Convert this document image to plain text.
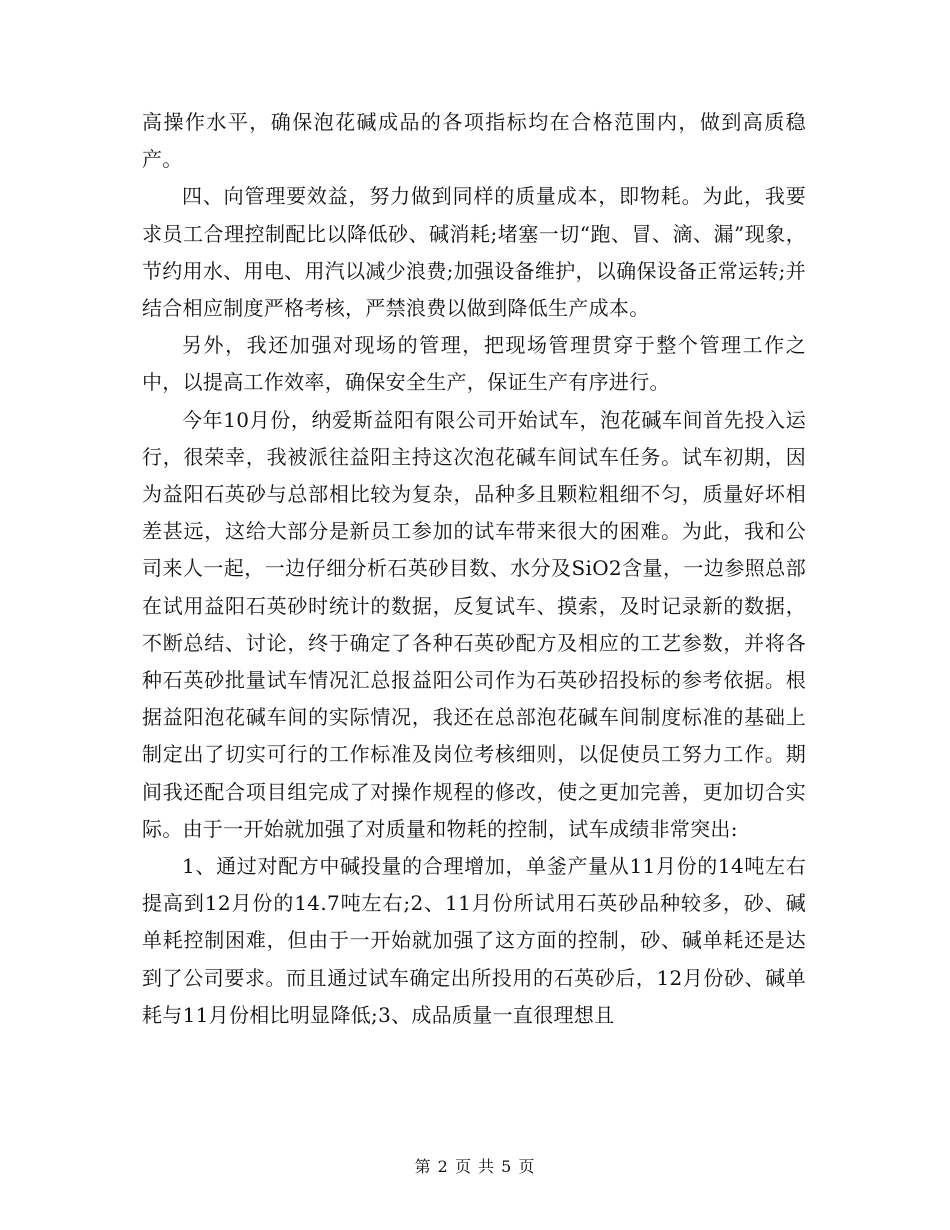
高操作水平，确保泡花碱成品的各项指标均在合格范围内，做到高质稳产。

四、向管理要效益，努力做到同样的质量成本，即物耗。为此，我要求员工合理控制配比以降低砂、碱消耗;堵塞一切“跑、冒、滴、漏”现象，节约用水、用电、用汽以减少浪费;加强设备维护，以确保设备正常运转;并结合相应制度严格考核，严禁浪费以做到降低生产成本。

另外，我还加强对现场的管理，把现场管理贯穿于整个管理工作之中，以提高工作效率，确保安全生产，保证生产有序进行。

今年10月份，纳爱斯益阳有限公司开始试车，泡花碱车间首先投入运行，很荣幸，我被派往益阳主持这次泡花碱车间试车任务。试车初期，因为益阳石英砂与总部相比较为复杂，品种多且颗粒粗细不匀，质量好坏相差甚远，这给大部分是新员工参加的试车带来很大的困难。为此，我和公司来人一起，一边仔细分析石英砂目数、水分及SiO2含量，一边参照总部在试用益阳石英砂时统计的数据，反复试车、摸索，及时记录新的数据，不断总结、讨论，终于确定了各种石英砂配方及相应的工艺参数，并将各种石英砂批量试车情况汇总报益阳公司作为石英砂招投标的参考依据。根据益阳泡花碱车间的实际情况，我还在总部泡花碱车间制度标准的基础上制定出了切实可行的工作标准及岗位考核细则，以促使员工努力工作。期间我还配合项目组完成了对操作规程的修改，使之更加完善，更加切合实际。由于一开始就加强了对质量和物耗的控制，试车成绩非常突出:

1、通过对配方中碱投量的合理增加，单釜产量从11月份的14吨左右提高到12月份的14.7吨左右;2、11月份所试用石英砂品种较多，砂、碱单耗控制困难，但由于一开始就加强了这方面的控制，砂、碱单耗还是达到了公司要求。而且通过试车确定出所投用的石英砂后，12月份砂、碱单耗与11月份相比明显降低;3、成品质量一直很理想且

第 2 页 共 5 页
